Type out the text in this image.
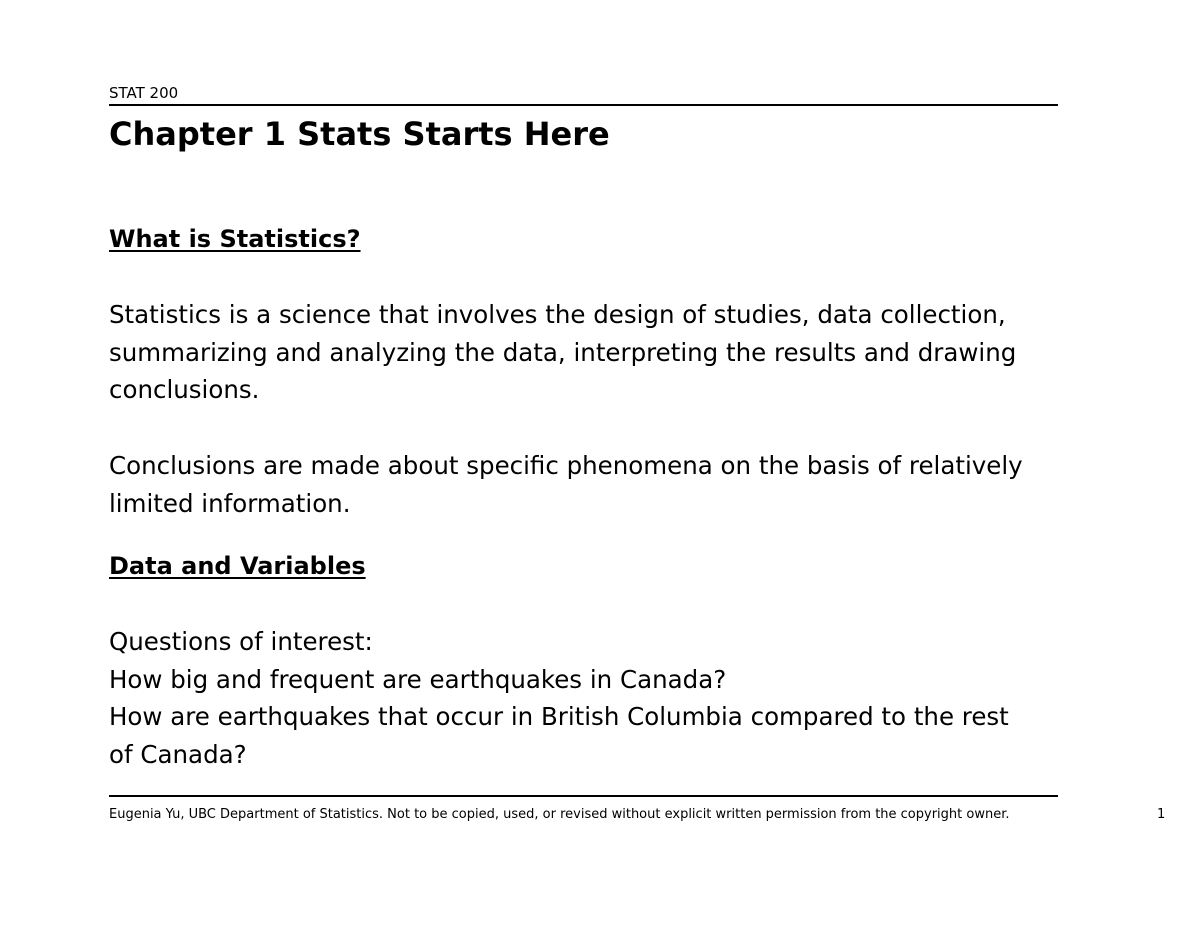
STAT 200
Chapter 1 Stats Starts Here
What is Statistics?
Statistics is a science that involves the design of studies, data collection,
summarizing and analyzing the data, interpreting the results and drawing
conclusions.
Conclusions are made about specific phenomena on the basis of relatively
limited information.
Data and Variables
Questions of interest:
How big and frequent are earthquakes in Canada?
How are earthquakes that occur in British Columbia compared to the rest
of Canada?
Eugenia Yu, UBC Department of Statistics. Not to be copied, used, or revised without explicit written permission from the copyright owner.	1
